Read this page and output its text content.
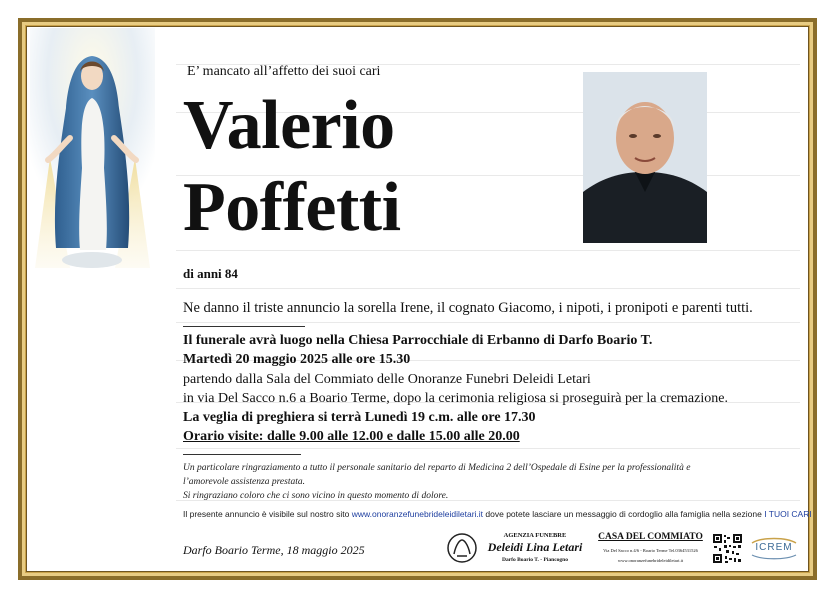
E’ mancato all’affetto dei suoi cari
Valerio
Poffetti
di anni 84
Ne danno il triste annuncio la sorella Irene, il cognato Giacomo, i nipoti, i pronipoti e parenti tutti.
Il funerale avrà luogo nella Chiesa Parrocchiale di Erbanno di Darfo Boario T.
Martedì 20 maggio 2025 alle ore 15.30
partendo dalla Sala del Commiato delle Onoranze Funebri Deleidi Letari
in via Del Sacco n.6 a Boario Terme, dopo la cerimonia religiosa si proseguirà per la cremazione.
La veglia di preghiera si terrà Lunedì 19 c.m. alle ore 17.30
Orario visite: dalle 9.00 alle 12.00 e dalle 15.00 alle 20.00
Un particolare ringraziamento a tutto il personale sanitario del reparto di Medicina 2 dell’Ospedale di Esine per la professionalità e
l’amorevole assistenza prestata.
Si ringraziano coloro che ci sono vicino in questo momento di dolore.
Il presente annuncio è visibile sul nostro sito www.onoranzefunebrideleidiletari.it dove potete lasciare un messaggio di cordoglio alla famiglia nella sezione I TUOI CARI
Darfo Boario Terme, 18 maggio 2025
AGENZIA FUNEBRE
Deleidi Lina Letari
Darfo Boario T. - Piancogno
CASA DEL COMMIATO
Via Del Sacco n.4/6 - Boario Terme Tel.0364531526
www.onoranzefunebrideleidiletari.it
ICREM
